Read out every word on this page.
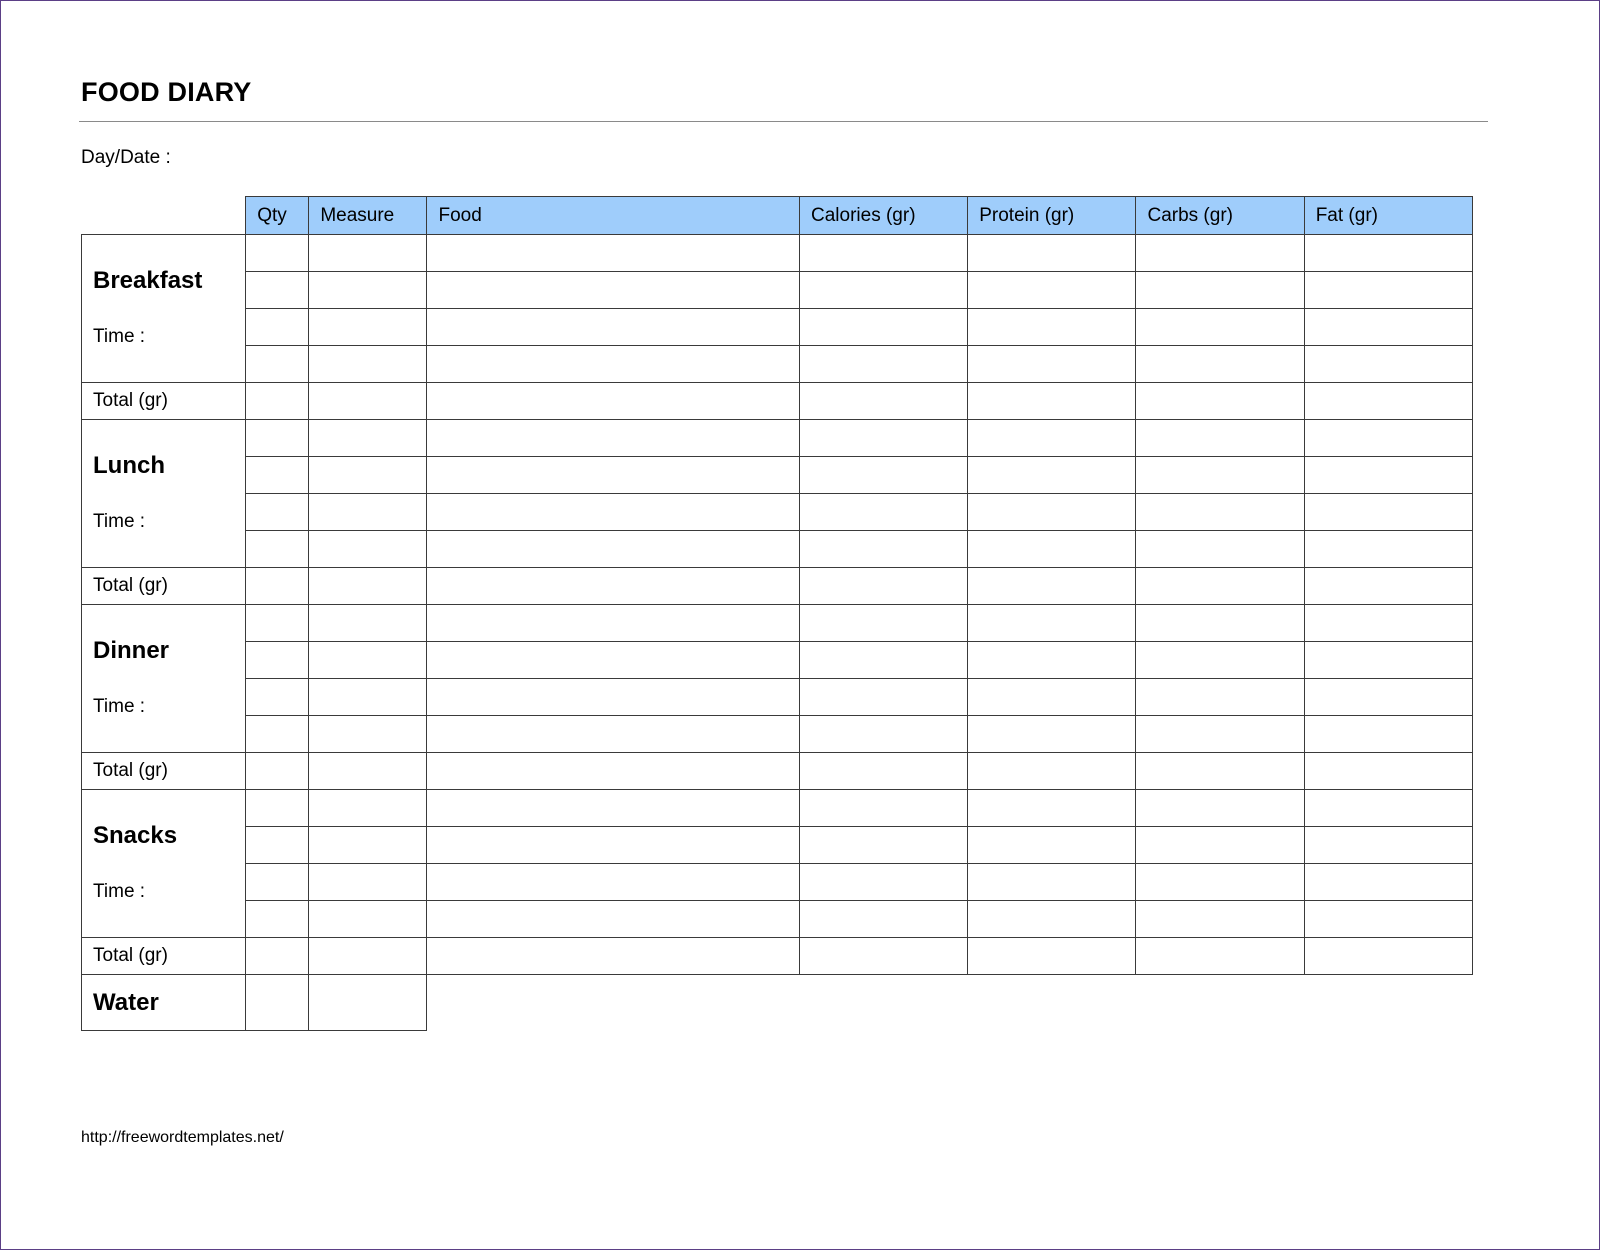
FOOD DIARY
Day/Date :
	Qty	Measure	Food	Calories (gr)	Protein (gr)	Carbs (gr)	Fat (gr)

Breakfast
Time :							

Total (gr)							

Lunch
Time :							

Total (gr)							

Dinner
Time :							

Total (gr)							

Snacks
Time :							

Total (gr)							
Water							
http://freewordtemplates.net/
